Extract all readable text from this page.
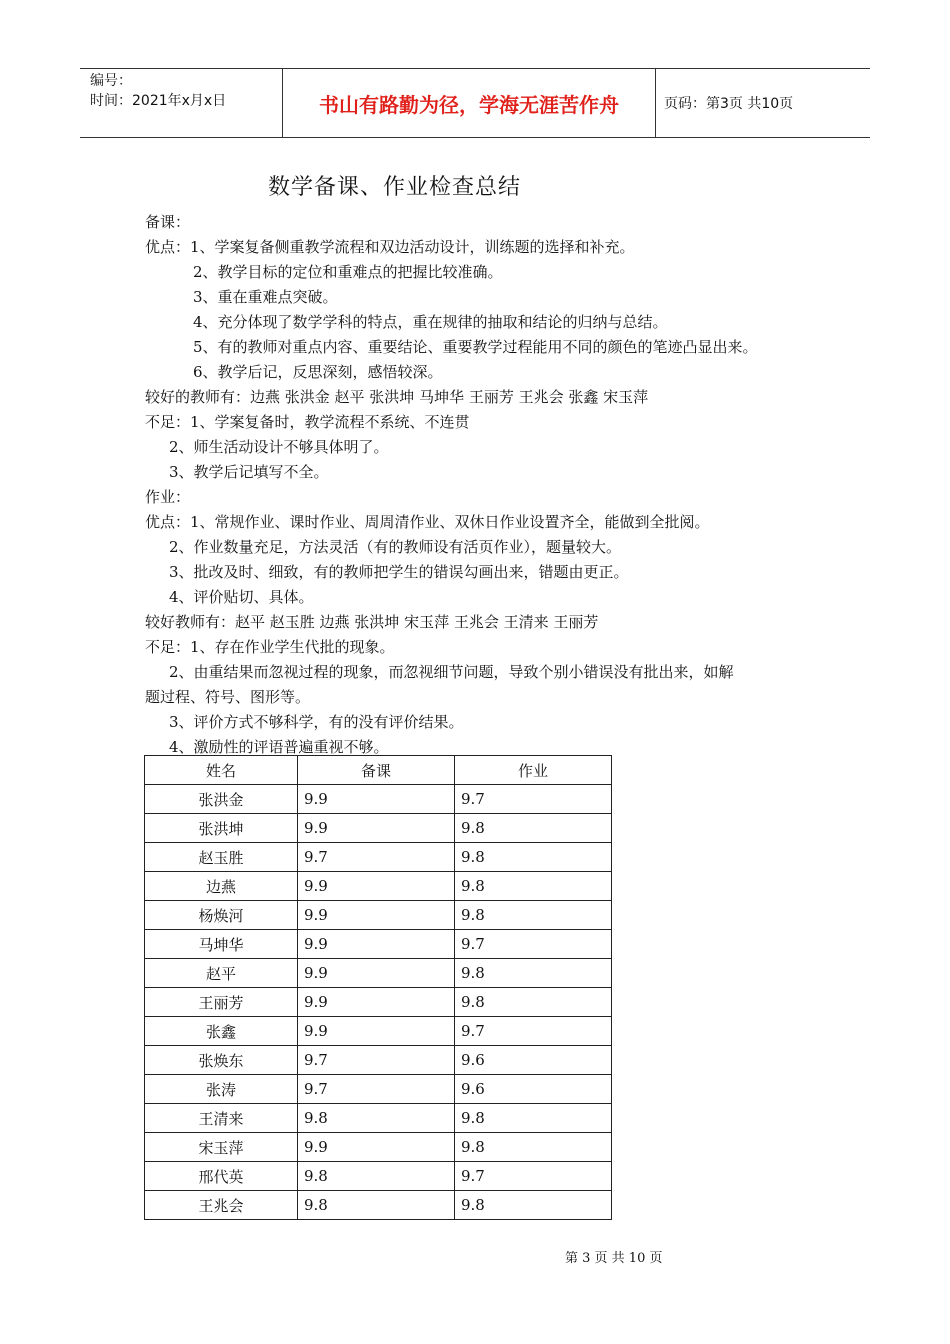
编号：
时间：2021年x月x日	书山有路勤为径，学海无涯苦作舟	页码：第3页 共10页
数学备课、作业检查总结
备课：
优点：1、学案复备侧重教学流程和双边活动设计，训练题的选择和补充。
2、教学目标的定位和重难点的把握比较准确。
3、重在重难点突破。
4、充分体现了数学学科的特点，重在规律的抽取和结论的归纳与总结。
5、有的教师对重点内容、重要结论、重要教学过程能用不同的颜色的笔迹凸显出来。
6、教学后记，反思深刻，感悟较深。
较好的教师有：边燕 张洪金 赵平 张洪坤 马坤华 王丽芳 王兆会 张鑫 宋玉萍
不足：1、学案复备时，教学流程不系统、不连贯
2、师生活动设计不够具体明了。
3、教学后记填写不全。
作业：
优点：1、常规作业、课时作业、周周清作业、双休日作业设置齐全，能做到全批阅。
2、作业数量充足，方法灵活（有的教师设有活页作业），题量较大。
3、批改及时、细致，有的教师把学生的错误勾画出来，错题由更正。
4、评价贴切、具体。
较好教师有：赵平 赵玉胜 边燕 张洪坤 宋玉萍 王兆会 王清来 王丽芳
不足：1、存在作业学生代批的现象。
2、由重结果而忽视过程的现象，而忽视细节问题，导致个别小错误没有批出来，如解
题过程、符号、图形等。
3、评价方式不够科学，有的没有评价结果。
4、激励性的评语普遍重视不够。
姓名	备课	作业
张洪金	9.9	9.7
张洪坤	9.9	9.8
赵玉胜	9.7	9.8
边燕	9.9	9.8
杨焕河	9.9	9.8
马坤华	9.9	9.7
赵平	9.9	9.8
王丽芳	9.9	9.8
张鑫	9.9	9.7
张焕东	9.7	9.6
张涛	9.7	9.6
王清来	9.8	9.8
宋玉萍	9.9	9.8
邢代英	9.8	9.7
王兆会	9.8	9.8
第 3 页 共 10 页
